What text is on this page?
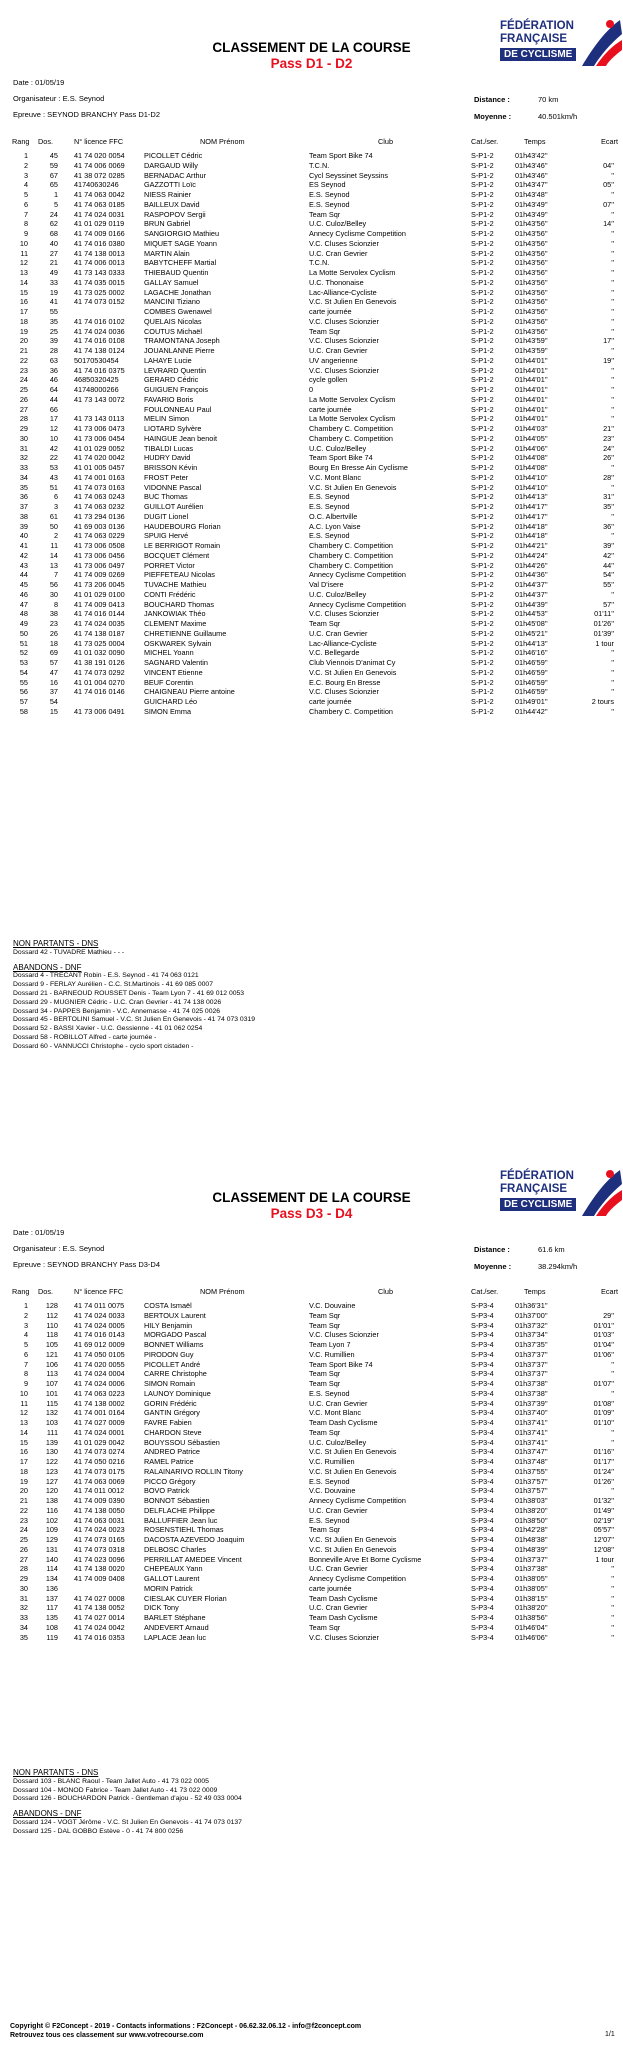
FÉDÉRATION
FRANÇAISE
DE CYCLISME
CLASSEMENT DE LA COURSE
Pass D1 - D2
Date : 01/05/19
Organisateur : E.S. Seynod
Epreuve : SEYNOD BRANCHY Pass D1-D2
Distance :	70 km
Moyenne :	40.501km/h
Rang Dos.	N° licence FFC	NOM Prénom	Club	Cat./ser.	Temps	Ecart
1	45 41 74 020 0054	PICOLLET Cédric	Team Sport Bike 74	S-P1-2	01h43'42''
2	59 41 74 006 0069	DARGAUD Willy	T.C.N.	S-P1-2	01h43'46''	04''
3	67 41 38 072 0285	BERNADAC Arthur	Cycl Seyssinet Seyssins	S-P1-2	01h43'46''	''
4	65 41740630246	GAZZOTTI Loïc	ES Seynod	S-P1-2	01h43'47''	05''
5	1 41 74 063 0042	NIESS Rainier	E.S. Seynod	S-P1-2	01h43'48''	''
6	5 41 74 063 0185	BAILLEUX David	E.S. Seynod	S-P1-2	01h43'49''	07''
7	24 41 74 024 0031	RASPOPOV Sergii	Team Sqr	S-P1-2	01h43'49''	''
8	62 41 01 029 0119	BRUN Gabriel	U.C. Culoz/Belley	S-P1-2	01h43'56''	14''
9	68 41 74 009 0166	SANGIORGIO Mathieu	Annecy Cyclisme Competition	S-P1-2	01h43'56''	''
10	40 41 74 016 0380	MIQUET SAGE Yoann	V.C. Cluses Scionzier	S-P1-2	01h43'56''	''
11	27 41 74 138 0013	MARTIN Alain	U.C. Cran Gevrier	S-P1-2	01h43'56''	''
12	21 41 74 006 0013	BABYTCHEFF Martial	T.C.N.	S-P1-2	01h43'56''	''
13	49 41 73 143 0333	THIEBAUD Quentin	La Motte Servolex Cyclism	S-P1-2	01h43'56''	''
14	33 41 74 035 0015	GALLAY Samuel	U.C. Thononaise	S-P1-2	01h43'56''	''
15	19 41 73 025 0002	LAGACHE Jonathan	Lac-Alliance-Cycliste	S-P1-2	01h43'56''	''
16	41 41 74 073 0152	MANCINI Tiziano	V.C. St Julien En Genevois	S-P1-2	01h43'56''	''
17	55	COMBES Gwenawel	carte journée	S-P1-2	01h43'56''	''
18	35 41 74 016 0102	QUELAIS Nicolas	V.C. Cluses Scionzier	S-P1-2	01h43'56''	''
19	25 41 74 024 0036	COUTUS Michaël	Team Sqr	S-P1-2	01h43'56''	''
20	39 41 74 016 0108	TRAMONTANA Joseph	V.C. Cluses Scionzier	S-P1-2	01h43'59''	17''
21	28 41 74 138 0124	JOUANLANNE Pierre	U.C. Cran Gevrier	S-P1-2	01h43'59''	''
22	63 50170530454	LAHAYE Lucie	UV angerienne	S-P1-2	01h44'01''	19''
23	36 41 74 016 0375	LEVRARD Quentin	V.C. Cluses Scionzier	S-P1-2	01h44'01''	''
24	46 46850320425	GERARD Cédric	cycle gollen	S-P1-2	01h44'01''	''
25	64 41748000266	GUIGUEN François	0	S-P1-2	01h44'01''	''
26	44 41 73 143 0072	FAVARIO Boris	La Motte Servolex Cyclism	S-P1-2	01h44'01''	''
27	66	FOULONNEAU Paul	carte journée	S-P1-2	01h44'01''	''
28	17 41 73 143 0113	MELIN Simon	La Motte Servolex Cyclism	S-P1-2	01h44'01''	''
29	12 41 73 006 0473	LIOTARD Sylvère	Chambery C. Competition	S-P1-2	01h44'03''	21''
30	10 41 73 006 0454	HAINGUE Jean benoit	Chambery C. Competition	S-P1-2	01h44'05''	23''
31	42 41 01 029 0052	TIBALDI Lucas	U.C. Culoz/Belley	S-P1-2	01h44'06''	24''
32	22 41 74 020 0042	HUDRY David	Team Sport Bike 74	S-P1-2	01h44'08''	26''
33	53 41 01 005 0457	BRISSON Kévin	Bourg En Bresse Ain Cyclisme	S-P1-2	01h44'08''	''
34	43 41 74 001 0163	FROST Peter	V.C. Mont Blanc	S-P1-2	01h44'10''	28''
35	51 41 74 073 0163	VIDONNE Pascal	V.C. St Julien En Genevois	S-P1-2	01h44'10''	''
36	6 41 74 063 0243	BUC Thomas	E.S. Seynod	S-P1-2	01h44'13''	31''
37	3 41 74 063 0232	GUILLOT Aurélien	E.S. Seynod	S-P1-2	01h44'17''	35''
38	61 41 73 294 0136	DUGIT Lionel	O.C. Albertville	S-P1-2	01h44'17''	''
39	50 41 69 003 0136	HAUDEBOURG Florian	A.C. Lyon Vaise	S-P1-2	01h44'18''	36''
40	2 41 74 063 0229	SPUIG Hervé	E.S. Seynod	S-P1-2	01h44'18''	''
41	11 41 73 006 0508	LE BERRIGOT Romain	Chambery C. Competition	S-P1-2	01h44'21''	39''
42	14 41 73 006 0456	BOCQUET Clément	Chambery C. Competition	S-P1-2	01h44'24''	42''
43	13 41 73 006 0497	PORRET Victor	Chambery C. Competition	S-P1-2	01h44'26''	44''
44	7 41 74 009 0269	PIEFFETEAU Nicolas	Annecy Cyclisme Competition	S-P1-2	01h44'36''	54''
45	56 41 73 206 0045	TUVACHE Mathieu	Val D'isere	S-P1-2	01h44'37''	55''
46	30 41 01 029 0100	CONTI Frédéric	U.C. Culoz/Belley	S-P1-2	01h44'37''	''
47	8 41 74 009 0413	BOUCHARD Thomas	Annecy Cyclisme Competition	S-P1-2	01h44'39''	57''
48	38 41 74 016 0144	JANKOWIAK Théo	V.C. Cluses Scionzier	S-P1-2	01h44'53''	01'11''
49	23 41 74 024 0035	CLEMENT Maxime	Team Sqr	S-P1-2	01h45'08''	01'26''
50	26 41 74 138 0187	CHRETIENNE Guillaume	U.C. Cran Gevrier	S-P1-2	01h45'21''	01'39''
51	18 41 73 025 0004	OSKWAREK Sylvain	Lac-Alliance-Cycliste	S-P1-2	01h44'13''	1 tour
52	69 41 01 032 0090	MICHEL Yoann	V.C. Bellegarde	S-P1-2	01h46'16''	''
53	57 41 38 191 0126	SAGNARD Valentin	Club Viennois D'animat Cy	S-P1-2	01h46'59''	''
54	47 41 74 073 0292	VINCENT Etienne	V.C. St Julien En Genevois	S-P1-2	01h46'59''	''
55	16 41 01 004 0270	BEUF Corentin	E.C. Bourg En Bresse	S-P1-2	01h46'59''	''
56	37 41 74 016 0146	CHAIGNEAU Pierre antoine	V.C. Cluses Scionzier	S-P1-2	01h46'59''	''
57	54	GUICHARD Léo	carte journée	S-P1-2	01h49'01''	2 tours
58	15 41 73 006 0491	SIMON Emma	Chambery C. Competition	S-P1-2	01h44'42''	''
NON PARTANTS - DNS
Dossard 42 - TUVADRE Mathieu - - -
ABANDONS - DNF
Dossard 4 - TRECANT Robin - E.S. Seynod - 41 74 063 0121
Dossard 9 - FERLAY Aurélien - C.C. St.Martinois - 41 69 085 0007
Dossard 21 - BARNEOUD ROUSSET Denis - Team Lyon 7 - 41 69 012 0053
Dossard 29 - MUGNIER Cédric - U.C. Cran Gevrier - 41 74 138 0026
Dossard 34 - PAPPES Benjamin - V.C. Annemasse - 41 74 025 0026
Dossard 45 - BERTOLINI Samuel - V.C. St Julien En Genevois - 41 74 073 0319
Dossard 52 - BASSI Xavier - U.C. Gessienne - 41 01 062 0254
Dossard 58 - ROBILLOT Alfred - carte journée -
Dossard 60 - VANNUCCI Christophe - cyclo sport cistaden -
FÉDÉRATION
FRANÇAISE
DE CYCLISME
CLASSEMENT DE LA COURSE
Pass D3 - D4
Date : 01/05/19
Organisateur : E.S. Seynod
Epreuve : SEYNOD BRANCHY Pass D3-D4
Distance :	61.6 km
Moyenne :	38.294km/h
Rang Dos.	N° licence FFC	NOM Prénom	Club	Cat./ser.	Temps	Ecart
1	128 41 74 011 0075	COSTA Ismaël	V.C. Douvaine	S-P3-4	01h36'31''
2	112 41 74 024 0033	BERTOUX Laurent	Team Sqr	S-P3-4	01h37'00''	29''
3	110 41 74 024 0005	HILY Benjamin	Team Sqr	S-P3-4	01h37'32''	01'01''
4	118 41 74 016 0143	MORGADO Pascal	V.C. Cluses Scionzier	S-P3-4	01h37'34''	01'03''
5	105 41 69 012 0009	BONNET Williams	Team Lyon 7	S-P3-4	01h37'35''	01'04''
6	121 41 74 050 0105	PIRODON Guy	V.C. Rumillien	S-P3-4	01h37'37''	01'06''
7	106 41 74 020 0055	PICOLLET André	Team Sport Bike 74	S-P3-4	01h37'37''	''
8	113 41 74 024 0004	CARRE Christophe	Team Sqr	S-P3-4	01h37'37''	''
9	107 41 74 024 0006	SIMON Romain	Team Sqr	S-P3-4	01h37'38''	01'07''
10	101 41 74 063 0223	LAUNOY Dominique	E.S. Seynod	S-P3-4	01h37'38''	''
11	115 41 74 138 0002	GORIN Frédéric	U.C. Cran Gevrier	S-P3-4	01h37'39''	01'08''
12	132 41 74 001 0164	GANTIN Grégory	V.C. Mont Blanc	S-P3-4	01h37'40''	01'09''
13	103 41 74 027 0009	FAVRE Fabien	Team Dash Cyclisme	S-P3-4	01h37'41''	01'10''
14	111 41 74 024 0001	CHARDON Steve	Team Sqr	S-P3-4	01h37'41''	''
15	139 41 01 029 0042	BOUYSSOU Sébastien	U.C. Culoz/Belley	S-P3-4	01h37'41''	''
16	130 41 74 073 0274	ANDREO Patrice	V.C. St Julien En Genevois	S-P3-4	01h37'47''	01'16''
17	122 41 74 050 0216	RAMEL Patrice	V.C. Rumillien	S-P3-4	01h37'48''	01'17''
18	123 41 74 073 0175	RALAINARIVO ROLLIN Titony	V.C. St Julien En Genevois	S-P3-4	01h37'55''	01'24''
19	127 41 74 063 0069	PICCO Grégory	E.S. Seynod	S-P3-4	01h37'57''	01'26''
20	120 41 74 011 0012	BOVO Patrick	V.C. Douvaine	S-P3-4	01h37'57''	''
21	138 41 74 009 0390	BONNOT Sébastien	Annecy Cyclisme Competition	S-P3-4	01h38'03''	01'32''
22	116 41 74 138 0050	DELFLACHE Philippe	U.C. Cran Gevrier	S-P3-4	01h38'20''	01'49''
23	102 41 74 063 0031	BALLUFFIER Jean luc	E.S. Seynod	S-P3-4	01h38'50''	02'19''
24	109 41 74 024 0023	ROSENSTIEHL Thomas	Team Sqr	S-P3-4	01h42'28''	05'57''
25	129 41 74 073 0165	DACOSTA AZEVEDO Joaquim	V.C. St Julien En Genevois	S-P3-4	01h48'38''	12'07''
26	131 41 74 073 0318	DELBOSC Charles	V.C. St Julien En Genevois	S-P3-4	01h48'39''	12'08''
27	140 41 74 023 0096	PERRILLAT AMEDEE Vincent	Bonneville Arve Et Borne Cyclisme	S-P3-4	01h37'37''	1 tour
28	114 41 74 138 0020	CHEPEAUX Yann	U.C. Cran Gevrier	S-P3-4	01h37'38''	''
29	134 41 74 009 0408	GALLOT Laurent	Annecy Cyclisme Competition	S-P3-4	01h38'05''	''
30	136	MORIN Patrick	carte journée	S-P3-4	01h38'05''	''
31	137 41 74 027 0008	CIESLAK CUYER Florian	Team Dash Cyclisme	S-P3-4	01h38'15''	''
32	117 41 74 138 0052	DICK Tony	U.C. Cran Gevrier	S-P3-4	01h38'20''	''
33	135 41 74 027 0014	BARLET Stéphane	Team Dash Cyclisme	S-P3-4	01h38'56''	''
34	108 41 74 024 0042	ANDEVERT Arnaud	Team Sqr	S-P3-4	01h46'04''	''
35	119 41 74 016 0353	LAPLACE Jean luc	V.C. Cluses Scionzier	S-P3-4	01h46'06''	''
NON PARTANTS - DNS
Dossard 103 - BLANC Raoul - Team Jallet Auto - 41 73 022 0005
Dossard 104 - MONOD Fabrice - Team Jallet Auto - 41 73 022 0009
Dossard 126 - BOUCHARDON Patrick - Gentleman d'ajou - 52 49 033 0004
ABANDONS - DNF
Dossard 124 - VOGT Jérôme - V.C. St Julien En Genevois - 41 74 073 0137
Dossard 125 - DAL GOBBO Estève - 0 - 41 74 800 0256
Copyright © F2Concept - 2019 - Contacts informations : F2Concept - 06.62.32.06.12 - info@f2concept.com
Retrouvez tous ces classement sur www.votrecourse.com	1/1
